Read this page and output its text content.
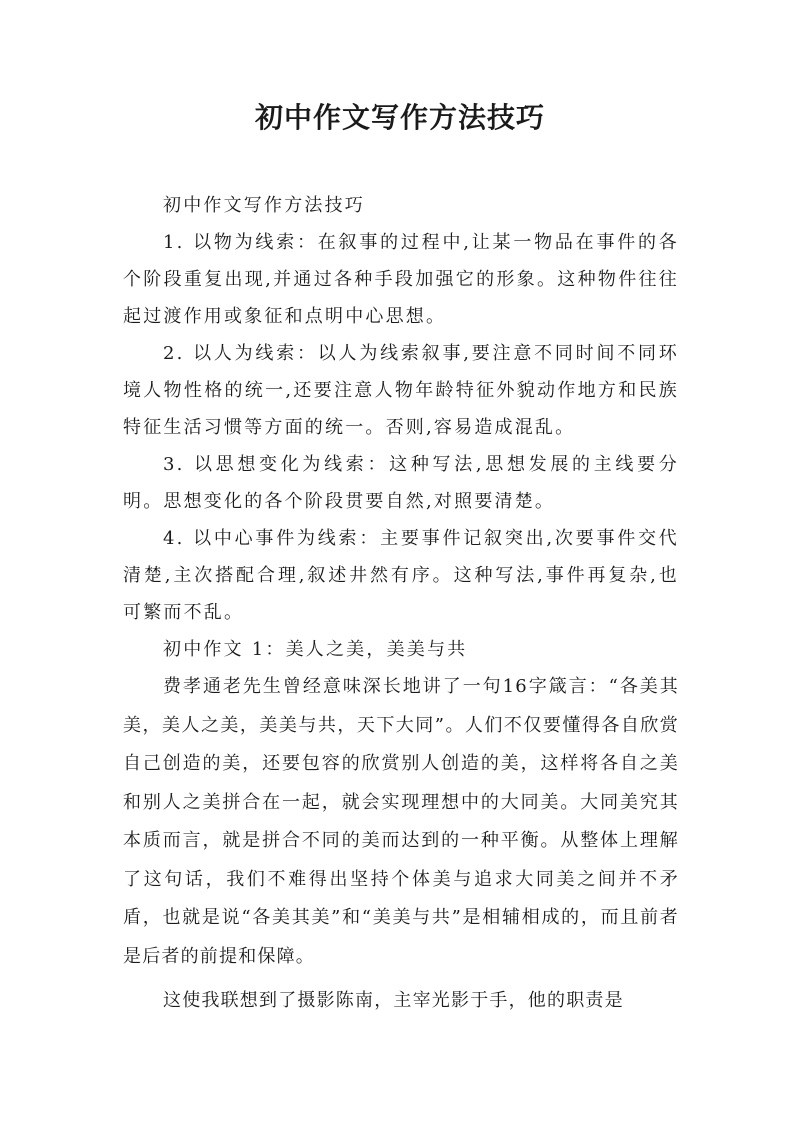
初中作文写作方法技巧

初中作文写作方法技巧

1. 以物为线索：在叙事的过程中,让某一物品在事件的各个阶段重复出现,并通过各种手段加强它的形象。这种物件往往起过渡作用或象征和点明中心思想。

2. 以人为线索：以人为线索叙事,要注意不同时间不同环境人物性格的统一,还要注意人物年龄特征外貌动作地方和民族特征生活习惯等方面的统一。否则,容易造成混乱。

3. 以思想变化为线索：这种写法,思想发展的主线要分明。思想变化的各个阶段贯要自然,对照要清楚。

4. 以中心事件为线索：主要事件记叙突出,次要事件交代清楚,主次搭配合理,叙述井然有序。这种写法,事件再复杂,也可繁而不乱。

初中作文 1：美人之美，美美与共

费孝通老先生曾经意味深长地讲了一句16字箴言：“各美其美，美人之美，美美与共，天下大同”。人们不仅要懂得各自欣赏自己创造的美，还要包容的欣赏别人创造的美，这样将各自之美和别人之美拼合在一起，就会实现理想中的大同美。大同美究其本质而言，就是拼合不同的美而达到的一种平衡。从整体上理解了这句话，我们不难得出坚持个体美与追求大同美之间并不矛盾，也就是说“各美其美”和“美美与共”是相辅相成的，而且前者是后者的前提和保障。

这使我联想到了摄影陈南，主宰光影于手，他的职责是
